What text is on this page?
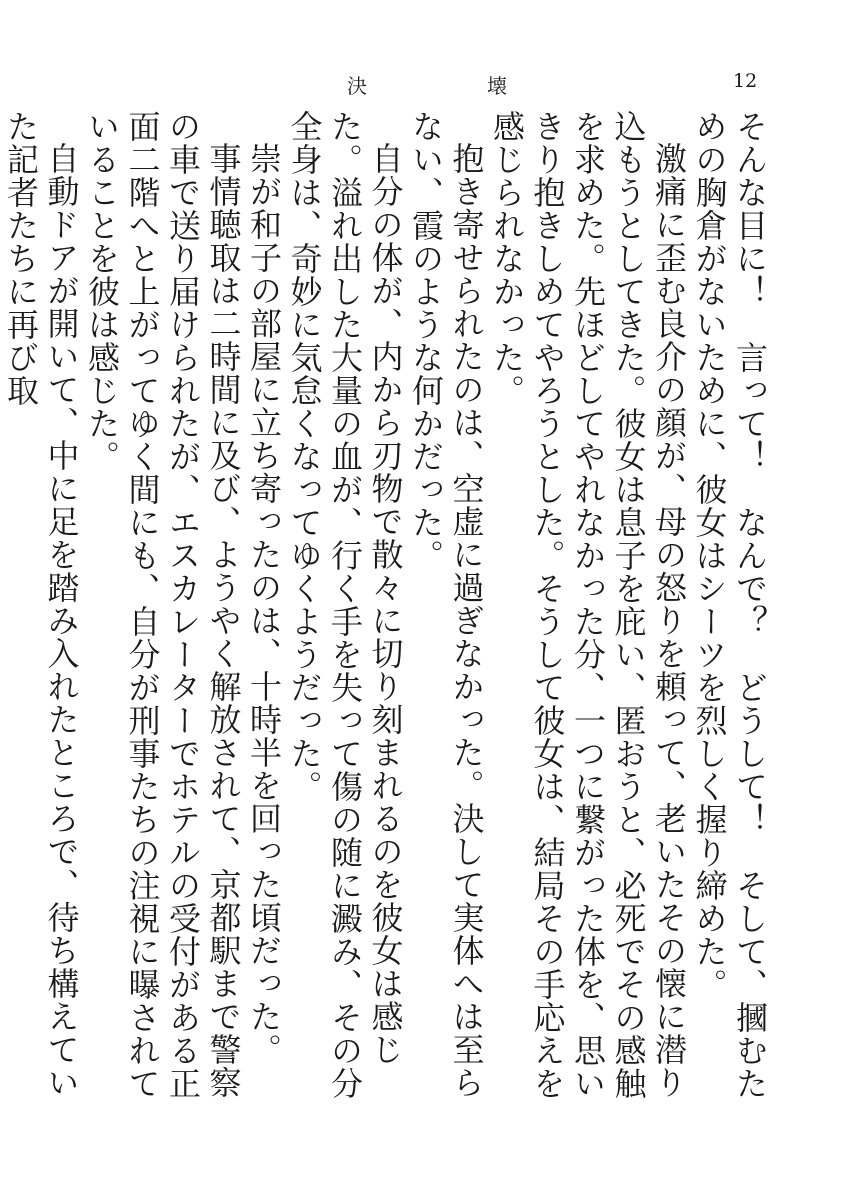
決	壊	12

そんな目に！　言って！　なんで？　どうして！　そして、摑むための胸倉がないために、彼女はシーツを烈しく握り締めた。

激痛に歪む良介の顔が、母の怒りを頼って、老いたその懐に潜り込もうとしてきた。彼女は息子を庇い、匿おうと、必死でその感触を求めた。先ほどしてやれなかった分、一つに繋がった体を、思いきり抱きしめてやろうとした。そうして彼女は、結局その手応えを感じられなかった。

抱き寄せられたのは、空虚に過ぎなかった。決して実体へは至らない、霞のような何かだった。

自分の体が、内から刃物で散々に切り刻まれるのを彼女は感じた。溢れ出した大量の血が、行く手を失って傷の随に澱み、その分全身は、奇妙に気怠くなってゆくようだった。

崇が和子の部屋に立ち寄ったのは、十時半を回った頃だった。

事情聴取は二時間に及び、ようやく解放されて、京都駅まで警察の車で送り届けられたが、エスカレーターでホテルの受付がある正面二階へと上がってゆく間にも、自分が刑事たちの注視に曝されていることを彼は感じた。

自動ドアが開いて、中に足を踏み入れたところで、待ち構えていた記者たちに再び取
